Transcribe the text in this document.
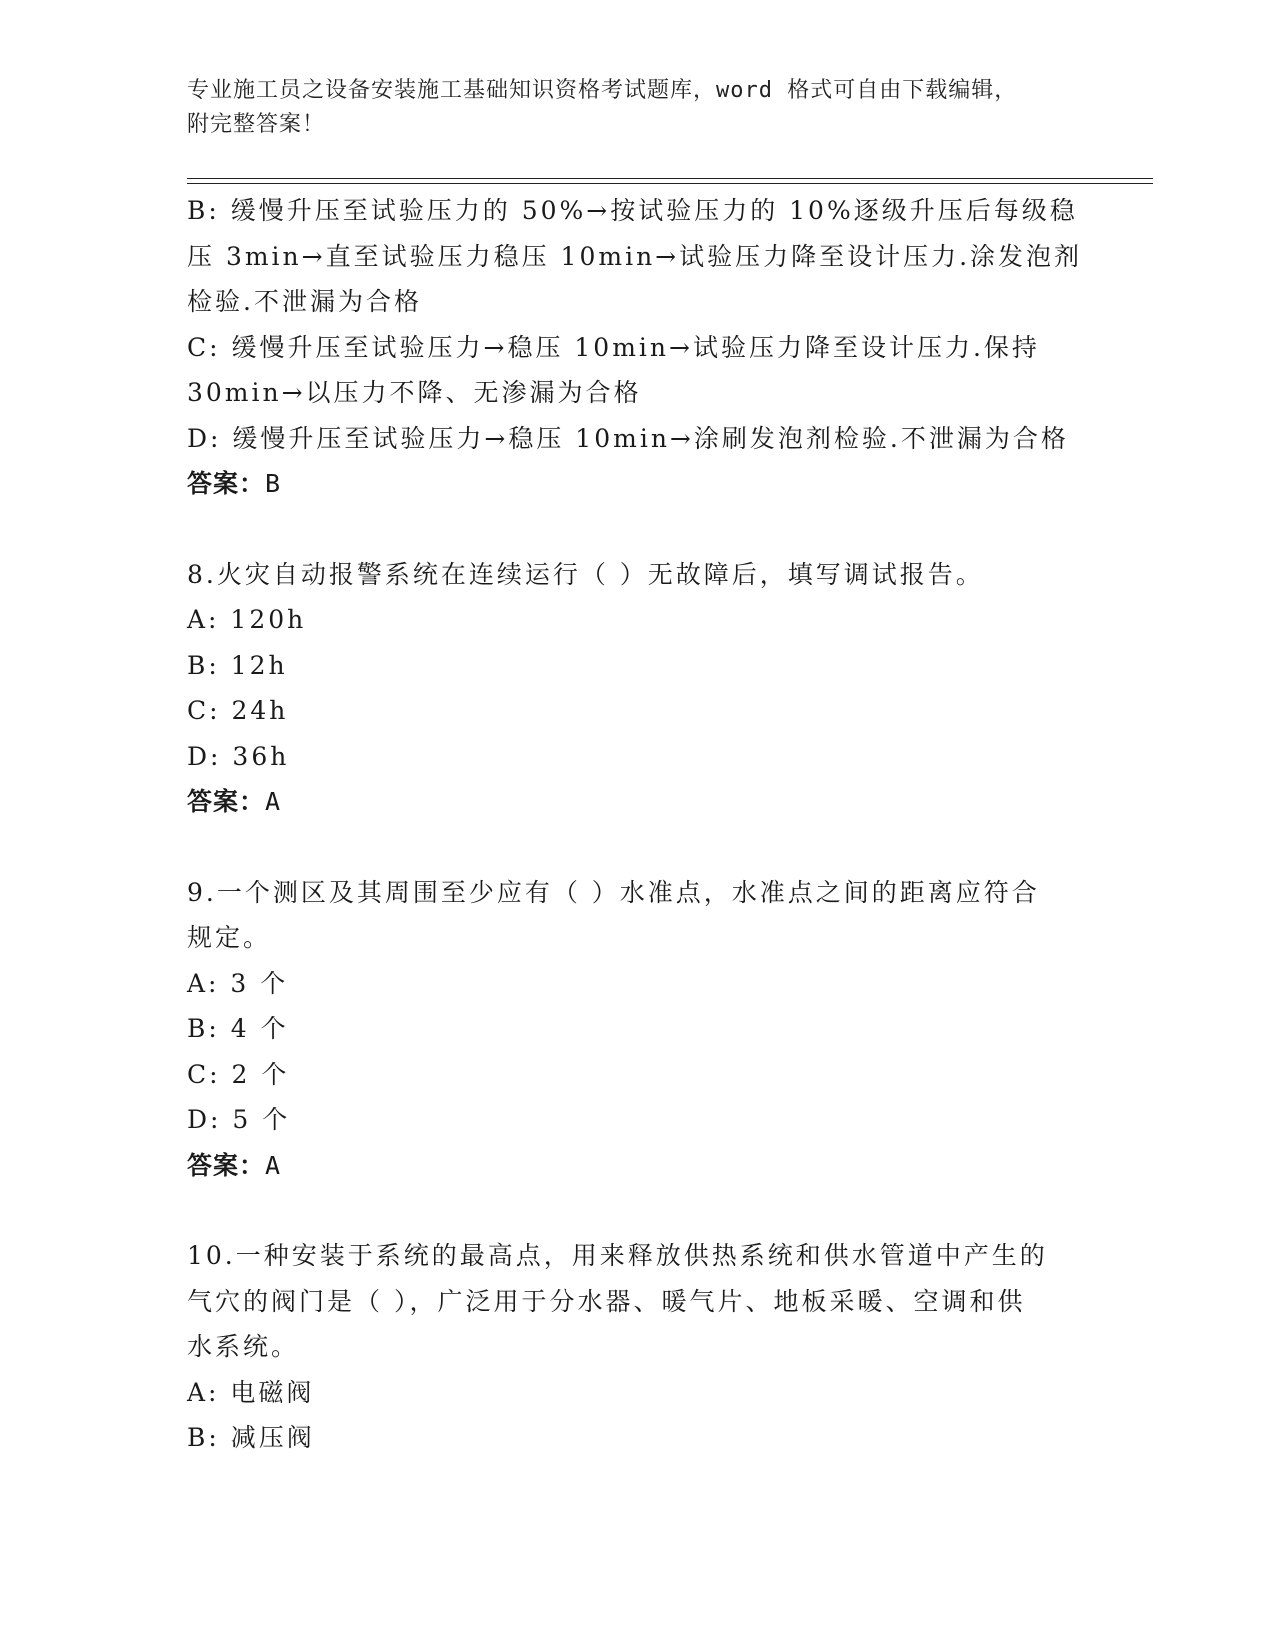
专业施工员之设备安装施工基础知识资格考试题库，word 格式可自由下载编辑，
附完整答案！
B: 缓慢升压至试验压力的 50%→按试验压力的 10%逐级升压后每级稳
压 3min→直至试验压力稳压 10min→试验压力降至设计压力.涂发泡剂
检验.不泄漏为合格
C: 缓慢升压至试验压力→稳压 10min→试验压力降至设计压力.保持
30min→以压力不降、无渗漏为合格
D: 缓慢升压至试验压力→稳压 10min→涂刷发泡剂检验.不泄漏为合格
答案：B
8.火灾自动报警系统在连续运行（ ）无故障后，填写调试报告。
A: 120h
B: 12h
C: 24h
D: 36h
答案：A
9.一个测区及其周围至少应有（ ）水准点，水准点之间的距离应符合
规定。
A: 3 个
B: 4 个
C: 2 个
D: 5 个
答案：A
10.一种安装于系统的最高点，用来释放供热系统和供水管道中产生的
气穴的阀门是（ ），广泛用于分水器、暖气片、地板采暖、空调和供
水系统。
A: 电磁阀
B: 减压阀
